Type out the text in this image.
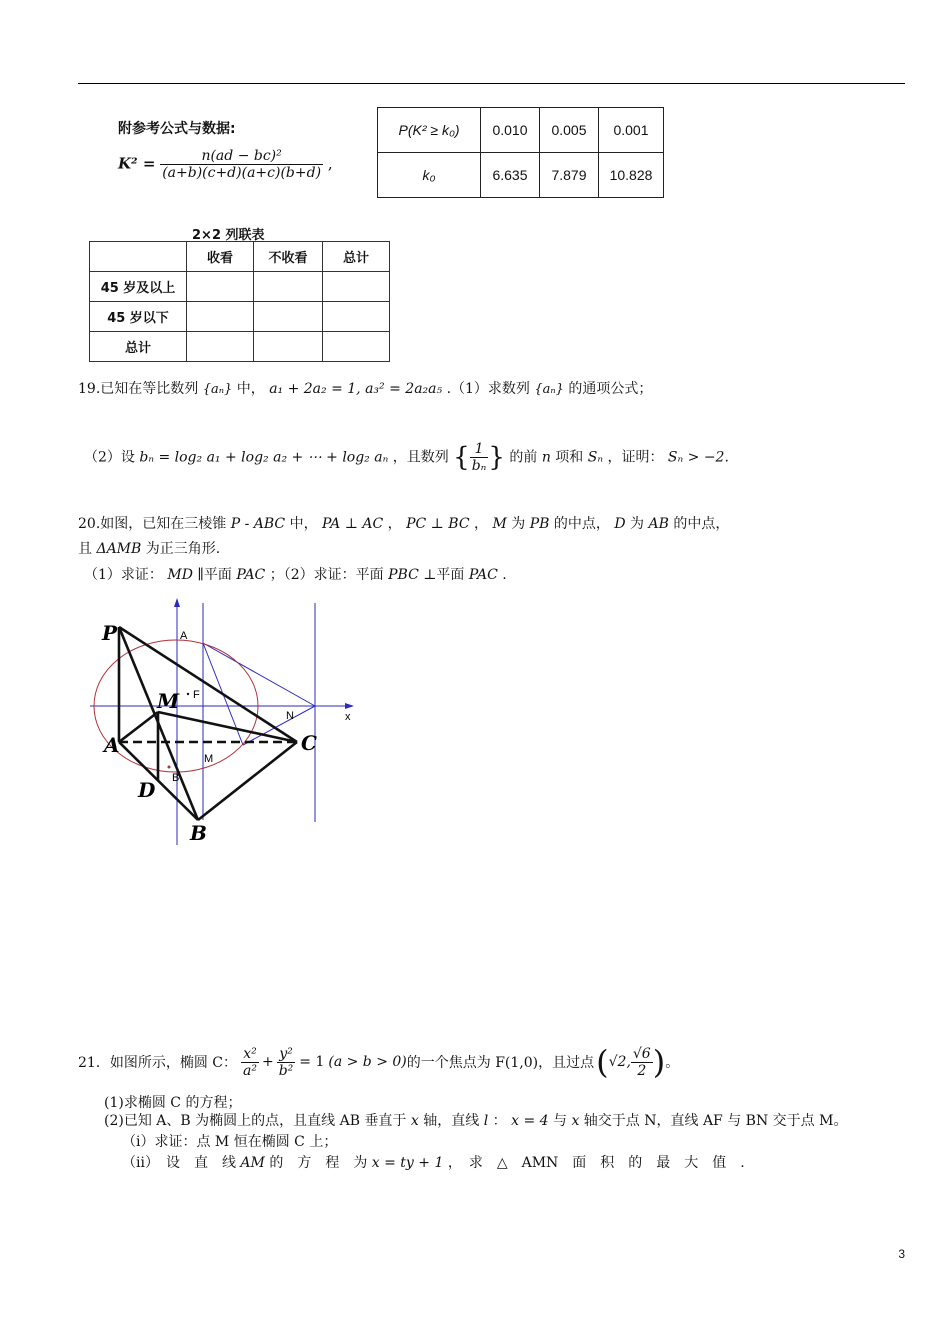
附参考公式与数据:
$K^2 = \frac{\text{n(ad − bc)²}}{(a+b)(c+d)(a+c)(b+d)}$ ,
P(K² ≥ k₀)	0.010	0.005	0.001
k₀	6.635	7.879	10.828
2×2 列联表
	收看	不收看	总计
45 岁及以上			
45 岁以下			
总计			
19.已知在等比数列 {aₙ} 中， a₁ + 2a₂ = 1, a₃² = 2a₂a₅ .（1）求数列 {aₙ} 的通项公式；
（2）设 bₙ = log₂ a₁ + log₂ a₂ + ⋯ + log₂ aₙ ，且数列 { $\frac{1}{\text{bₙ}}$ } 的前 n 项和 Sₙ ，证明： Sₙ > −2.
20.如图，已知在三棱锥 P - ABC 中， PA ⊥ AC ， PC ⊥ BC ， M 为 PB 的中点， D 为 AB 的中点，
且 ΔAMB 为正三角形.
（1）求证： MD ∥平面 PAC ；（2）求证：平面 PBC ⊥平面 PAC .
P
A	C
D
B
M
A
F
N	x
M
B
21．如图所示，椭圆 C： $\frac{\text{x²}}{\text{a²}} + \frac{\text{y²}}{\text{b²}} = 1$ (a > b > 0) 的一个焦点为 F(1,0)，且过点 ( √2, $\frac{√6}{2}$ ) 。
(1)求椭圆 C 的方程；
(2)已知 A、B 为椭圆上的点，且直线 AB 垂直于 x 轴，直线 l ： x = 4 与 x 轴交于点 N，直线 AF 与 BN 交于点 M。
（ⅰ）求证：点 M 恒在椭圆 C 上；
（ⅱ）　设　直　线 AM 的　方　程　为 x = ty + 1 ，　求　△　AMN　面　积　的　最　大　值　.
3
